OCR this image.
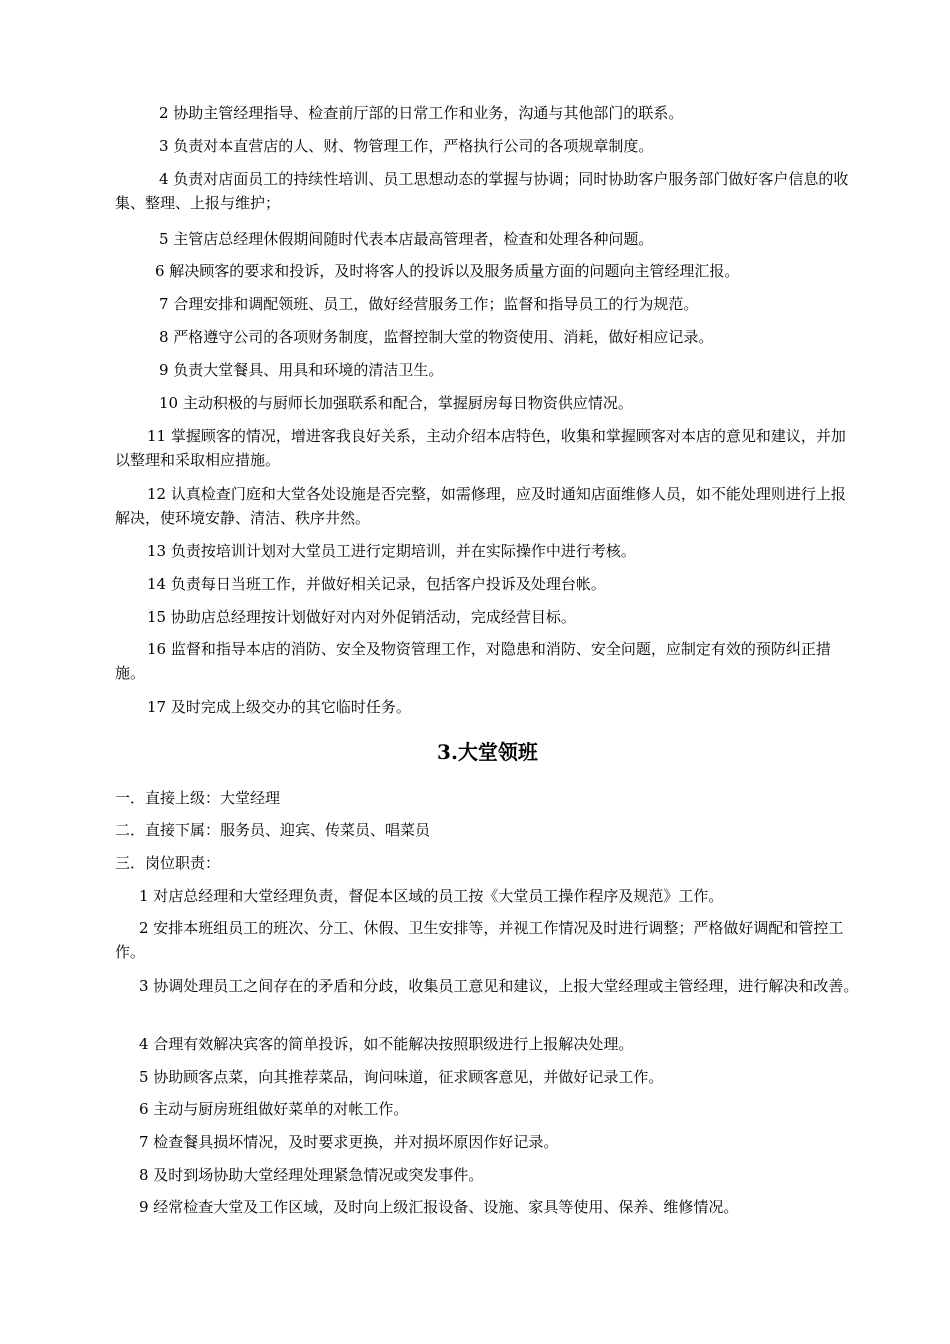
2 协助主管经理指导、检查前厅部的日常工作和业务，沟通与其他部门的联系。

3 负责对本直营店的人、财、物管理工作，严格执行公司的各项规章制度。

4 负责对店面员工的持续性培训、员工思想动态的掌握与协调；同时协助客户服务部门做好客户信息的收集、整理、上报与维护；

5 主管店总经理休假期间随时代表本店最高管理者，检查和处理各种问题。

6 解决顾客的要求和投诉，及时将客人的投诉以及服务质量方面的问题向主管经理汇报。

7 合理安排和调配领班、员工，做好经营服务工作；监督和指导员工的行为规范。

8 严格遵守公司的各项财务制度，监督控制大堂的物资使用、消耗，做好相应记录。

9 负责大堂餐具、用具和环境的清洁卫生。

10 主动积极的与厨师长加强联系和配合，掌握厨房每日物资供应情况。

11 掌握顾客的情况，增进客我良好关系，主动介绍本店特色，收集和掌握顾客对本店的意见和建议，并加以整理和采取相应措施。

12 认真检查门庭和大堂各处设施是否完整，如需修理，应及时通知店面维修人员，如不能处理则进行上报解决，使环境安静、清洁、秩序井然。

13 负责按培训计划对大堂员工进行定期培训，并在实际操作中进行考核。

14 负责每日当班工作，并做好相关记录，包括客户投诉及处理台帐。

15 协助店总经理按计划做好对内对外促销活动，完成经营目标。

16 监督和指导本店的消防、安全及物资管理工作，对隐患和消防、安全问题，应制定有效的预防纠正措施。

17 及时完成上级交办的其它临时任务。

3.大堂领班

一．直接上级：大堂经理

二．直接下属：服务员、迎宾、传菜员、唱菜员

三．岗位职责：

1 对店总经理和大堂经理负责，督促本区域的员工按《大堂员工操作程序及规范》工作。

2 安排本班组员工的班次、分工、休假、卫生安排等，并视工作情况及时进行调整；严格做好调配和管控工作。

3 协调处理员工之间存在的矛盾和分歧，收集员工意见和建议，上报大堂经理或主管经理，进行解决和改善。

4 合理有效解决宾客的简单投诉，如不能解决按照职级进行上报解决处理。

5 协助顾客点菜，向其推荐菜品，询问味道，征求顾客意见，并做好记录工作。

6 主动与厨房班组做好菜单的对帐工作。

7 检查餐具损坏情况，及时要求更换，并对损坏原因作好记录。

8 及时到场协助大堂经理处理紧急情况或突发事件。

9 经常检查大堂及工作区域，及时向上级汇报设备、设施、家具等使用、保养、维修情况。
